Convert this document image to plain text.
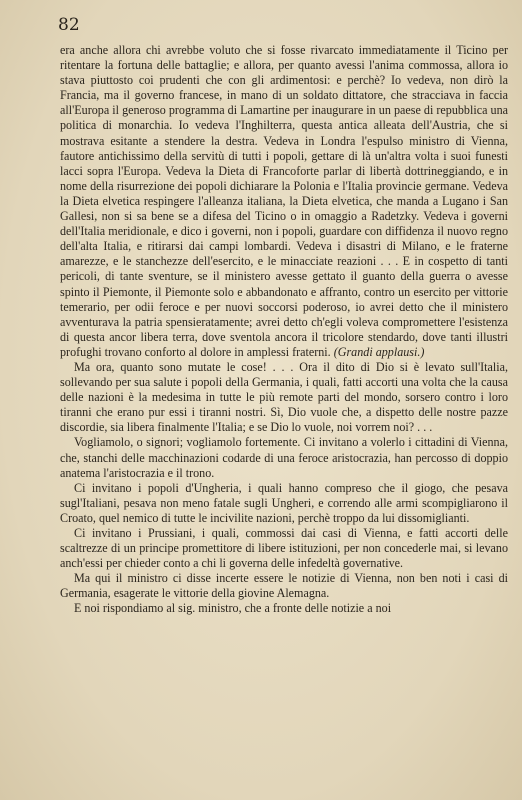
82

era anche allora chi avrebbe voluto che si fosse rivarcato immediatamente il Ticino per ritentare la fortuna delle battaglie; e allora, per quanto avessi l'anima commossa, allora io stava piuttosto coi prudenti che con gli ardimentosi: e perchè? Io vedeva, non dirò la Francia, ma il governo francese, in mano di un soldato dittatore, che stracciava in faccia all'Europa il generoso programma di Lamartine per inaugurare in un paese di repubblica una politica di monarchia. Io vedeva l'Inghilterra, questa antica alleata dell'Austria, che si mostrava esitante a stendere la destra. Vedeva in Londra l'espulso ministro di Vienna, fautore antichissimo della servitù di tutti i popoli, gettare di là un'altra volta i suoi funesti lacci sopra l'Europa. Vedeva la Dieta di Francoforte parlar di libertà dottrineggiando, e in nome della risurrezione dei popoli dichiarare la Polonia e l'Italia provincie germane. Vedeva la Dieta elvetica respingere l'alleanza italiana, la Dieta elvetica, che manda a Lugano i San Gallesi, non si sa bene se a difesa del Ticino o in omaggio a Radetzky. Vedeva i governi dell'Italia meridionale, e dico i governi, non i popoli, guardare con diffidenza il nuovo regno dell'alta Italia, e ritirarsi dai campi lombardi. Vedeva i disastri di Milano, e le fraterne amarezze, e le stanchezze dell'esercito, e le minacciate reazioni . . . E in cospetto di tanti pericoli, di tante sventure, se il ministero avesse gettato il guanto della guerra o avesse spinto il Piemonte, il Piemonte solo e abbandonato e affranto, contro un esercito per vittorie temerario, per odii feroce e per nuovi soccorsi poderoso, io avrei detto che il ministero avventurava la patria spensieratamente; avrei detto ch'egli voleva compromettere l'esistenza di questa ancor libera terra, dove sventola ancora il tricolore stendardo, dove tanti illustri profughi trovano conforto al dolore in amplessi fraterni. (Grandi applausi.)

Ma ora, quanto sono mutate le cose! . . . Ora il dito di Dio si è levato sull'Italia, sollevando per sua salute i popoli della Germania, i quali, fatti accorti una volta che la causa delle nazioni è la medesima in tutte le più remote parti del mondo, sorsero contro i loro tiranni che erano pur essi i tiranni nostri. Sì, Dio vuole che, a dispetto delle nostre pazze discordie, sia libera finalmente l'Italia; e se Dio lo vuole, noi vorrem noi? . . .

Vogliamolo, o signori; vogliamolo fortemente. Ci invitano a volerlo i cittadini di Vienna, che, stanchi delle macchinazioni codarde di una feroce aristocrazia, han percosso di doppio anatema l'aristocrazia e il trono.

Ci invitano i popoli d'Ungheria, i quali hanno compreso che il giogo, che pesava sugl'Italiani, pesava non meno fatale sugli Ungheri, e correndo alle armi scompigliarono il Croato, quel nemico di tutte le incivilite nazioni, perchè troppo da lui dissomiglianti.

Ci invitano i Prussiani, i quali, commossi dai casi di Vienna, e fatti accorti delle scaltrezze di un principe promettitore di libere istituzioni, per non concederle mai, si levano anch'essi per chieder conto a chi li governa delle infedeltà governative.

Ma qui il ministro ci disse incerte essere le notizie di Vienna, non ben noti i casi di Germania, esagerate le vittorie della giovine Alemagna.

E noi rispondiamo al sig. ministro, che a fronte delle notizie a noi
